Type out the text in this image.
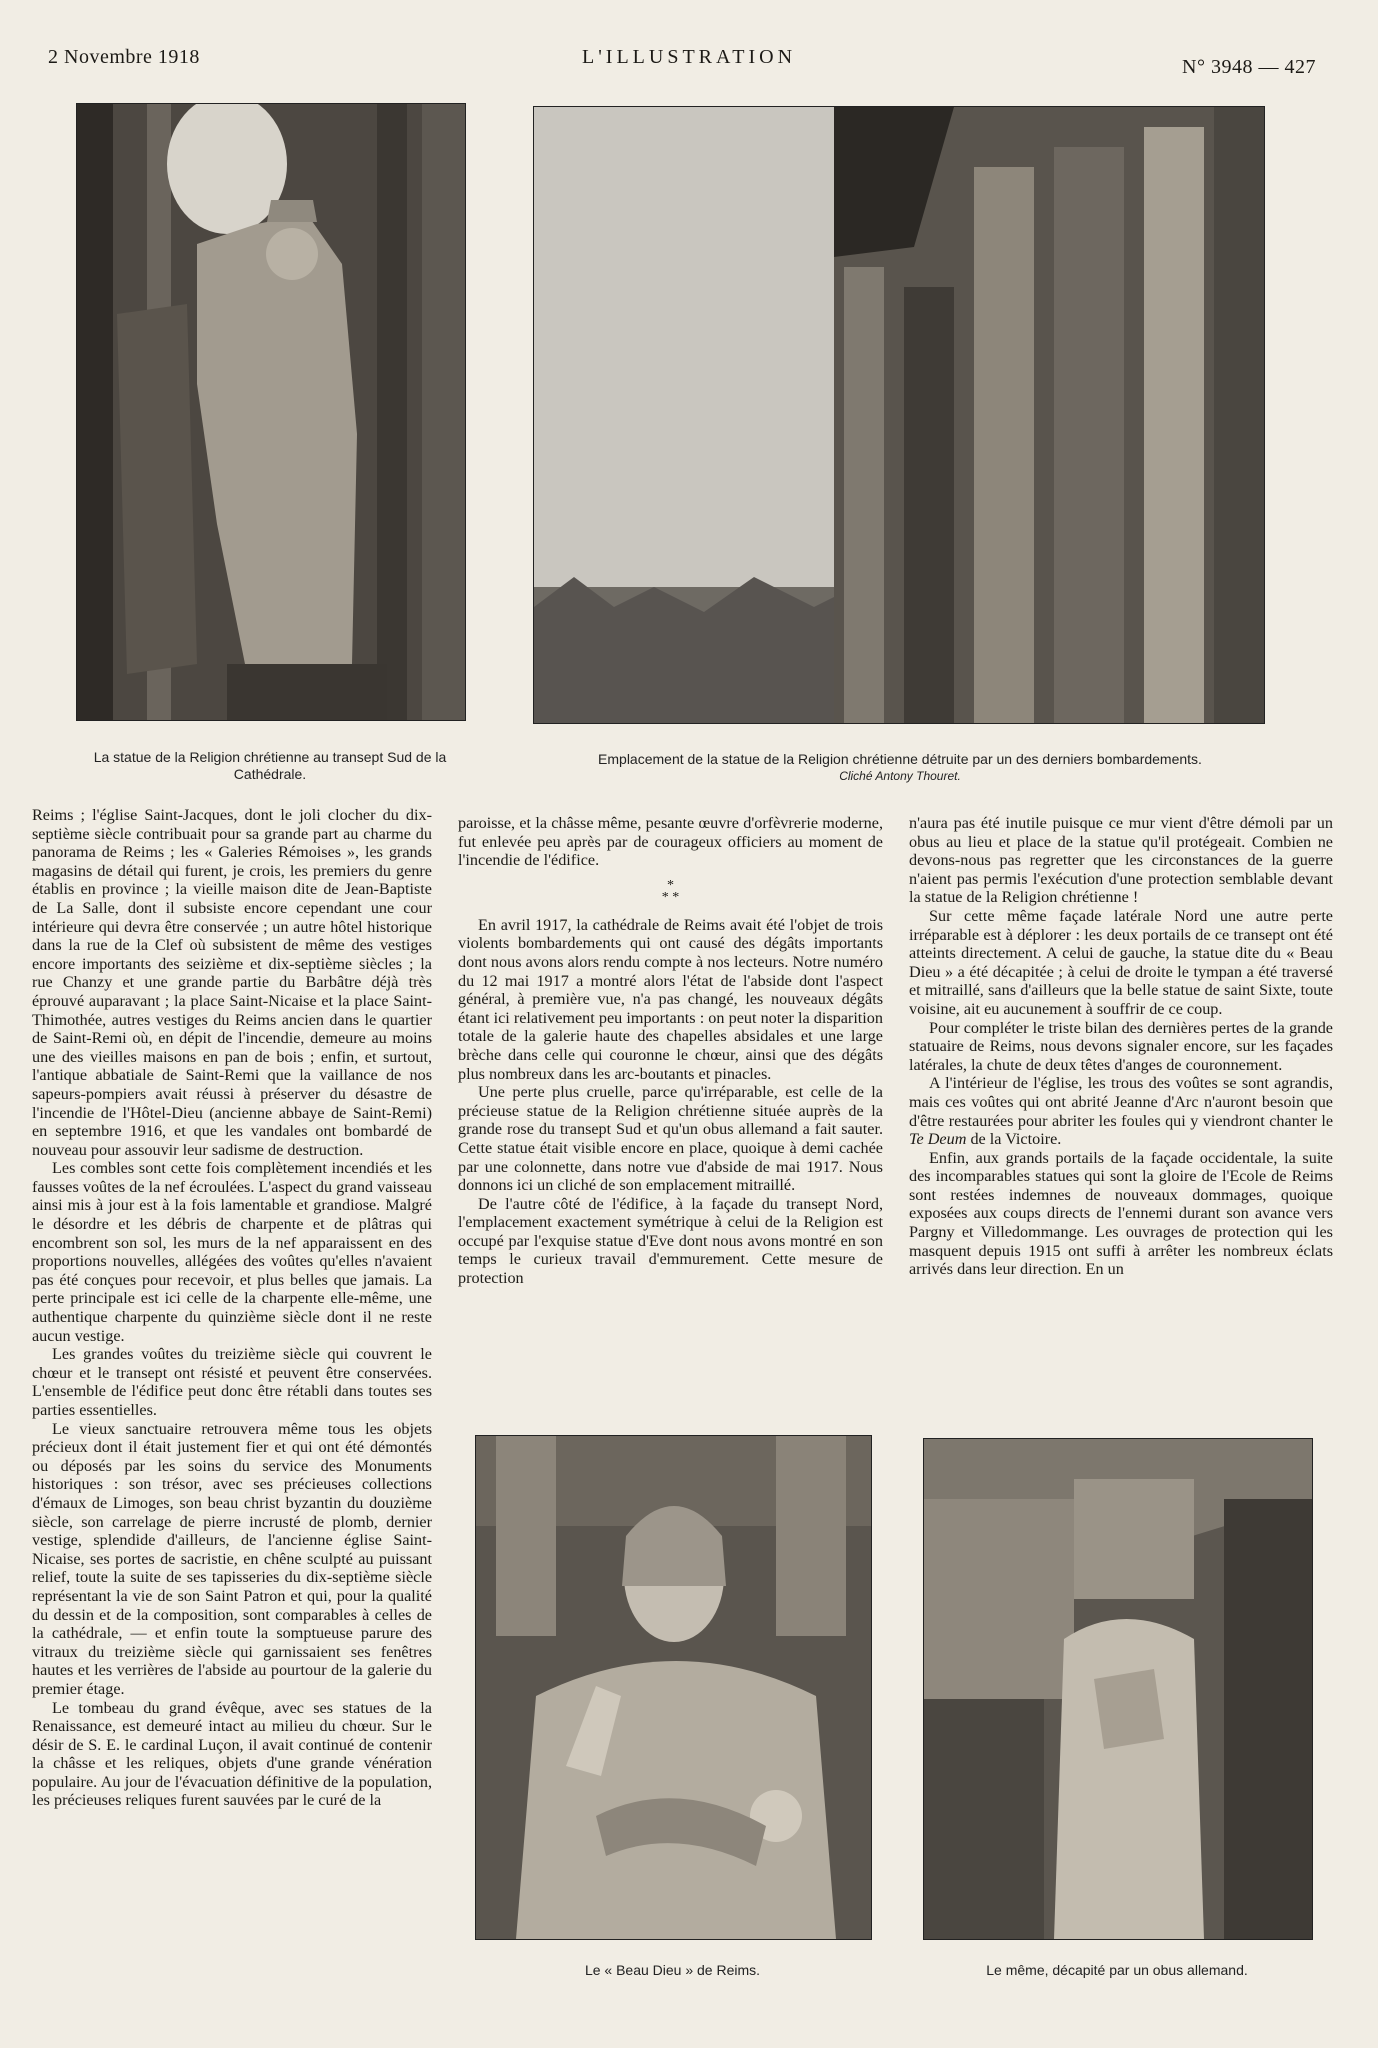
2 Novembre 1918	L'ILLUSTRATION	N° 3948 — 427
La statue de la Religion chrétienne au transept Sud de la Cathédrale.
Emplacement de la statue de la Religion chrétienne détruite par un des derniers bombardements.
Cliché Antony Thouret.

Reims ; l'église Saint-Jacques, dont le joli clocher du dix-septième siècle contribuait pour sa grande part au charme du panorama de Reims ; les « Galeries Rémoises », les grands magasins de détail qui furent, je crois, les premiers du genre établis en province ; la vieille maison dite de Jean-Baptiste de La Salle, dont il subsiste encore cependant une cour intérieure qui devra être conservée ; un autre hôtel historique dans la rue de la Clef où subsistent de même des vestiges encore importants des seizième et dix-septième siècles ; la rue Chanzy et une grande partie du Barbâtre déjà très éprouvé auparavant ; la place Saint-Nicaise et la place Saint-Thimothée, autres vestiges du Reims ancien dans le quartier de Saint-Remi où, en dépit de l'incendie, demeure au moins une des vieilles maisons en pan de bois ; enfin, et surtout, l'antique abbatiale de Saint-Remi que la vaillance de nos sapeurs-pompiers avait réussi à préserver du désastre de l'incendie de l'Hôtel-Dieu (ancienne abbaye de Saint-Remi) en septembre 1916, et que les vandales ont bombardé de nouveau pour assouvir leur sadisme de destruction.

Les combles sont cette fois complètement incendiés et les fausses voûtes de la nef écroulées. L'aspect du grand vaisseau ainsi mis à jour est à la fois lamentable et grandiose. Malgré le désordre et les débris de charpente et de plâtras qui encombrent son sol, les murs de la nef apparaissent en des proportions nouvelles, allégées des voûtes qu'elles n'avaient pas été conçues pour recevoir, et plus belles que jamais. La perte principale est ici celle de la charpente elle-même, une authentique charpente du quinzième siècle dont il ne reste aucun vestige.

Les grandes voûtes du treizième siècle qui couvrent le chœur et le transept ont résisté et peuvent être conservées. L'ensemble de l'édifice peut donc être rétabli dans toutes ses parties essentielles.

Le vieux sanctuaire retrouvera même tous les objets précieux dont il était justement fier et qui ont été démontés ou déposés par les soins du service des Monuments historiques : son trésor, avec ses précieuses collections d'émaux de Limoges, son beau christ byzantin du douzième siècle, son carrelage de pierre incrusté de plomb, dernier vestige, splendide d'ailleurs, de l'ancienne église Saint-Nicaise, ses portes de sacristie, en chêne sculpté au puissant relief, toute la suite de ses tapisseries du dix-septième siècle représentant la vie de son Saint Patron et qui, pour la qualité du dessin et de la composition, sont comparables à celles de la cathédrale, — et enfin toute la somptueuse parure des vitraux du treizième siècle qui garnissaient ses fenêtres hautes et les verrières de l'abside au pourtour de la galerie du premier étage.

Le tombeau du grand évêque, avec ses statues de la Renaissance, est demeuré intact au milieu du chœur. Sur le désir de S. E. le cardinal Luçon, il avait continué de contenir la châsse et les reliques, objets d'une grande vénération populaire. Au jour de l'évacuation définitive de la population, les précieuses reliques furent sauvées par le curé de la

paroisse, et la châsse même, pesante œuvre d'orfèvrerie moderne, fut enlevée peu après par de courageux officiers au moment de l'incendie de l'édifice.

*
* *

En avril 1917, la cathédrale de Reims avait été l'objet de trois violents bombardements qui ont causé des dégâts importants dont nous avons alors rendu compte à nos lecteurs. Notre numéro du 12 mai 1917 a montré alors l'état de l'abside dont l'aspect général, à première vue, n'a pas changé, les nouveaux dégâts étant ici relativement peu importants : on peut noter la disparition totale de la galerie haute des chapelles absidales et une large brèche dans celle qui couronne le chœur, ainsi que des dégâts plus nombreux dans les arc-boutants et pinacles.

Une perte plus cruelle, parce qu'irréparable, est celle de la précieuse statue de la Religion chrétienne située auprès de la grande rose du transept Sud et qu'un obus allemand a fait sauter. Cette statue était visible encore en place, quoique à demi cachée par une colonnette, dans notre vue d'abside de mai 1917. Nous donnons ici un cliché de son emplacement mitraillé.

De l'autre côté de l'édifice, à la façade du transept Nord, l'emplacement exactement symétrique à celui de la Religion est occupé par l'exquise statue d'Eve dont nous avons montré en son temps le curieux travail d'emmurement. Cette mesure de protection

n'aura pas été inutile puisque ce mur vient d'être démoli par un obus au lieu et place de la statue qu'il protégeait. Combien ne devons-nous pas regretter que les circonstances de la guerre n'aient pas permis l'exécution d'une protection semblable devant la statue de la Religion chrétienne !

Sur cette même façade latérale Nord une autre perte irréparable est à déplorer : les deux portails de ce transept ont été atteints directement. A celui de gauche, la statue dite du « Beau Dieu » a été décapitée ; à celui de droite le tympan a été traversé et mitraillé, sans d'ailleurs que la belle statue de saint Sixte, toute voisine, ait eu aucunement à souffrir de ce coup.

Pour compléter le triste bilan des dernières pertes de la grande statuaire de Reims, nous devons signaler encore, sur les façades latérales, la chute de deux têtes d'anges de couronnement.

A l'intérieur de l'église, les trous des voûtes se sont agrandis, mais ces voûtes qui ont abrité Jeanne d'Arc n'auront besoin que d'être restaurées pour abriter les foules qui y viendront chanter le Te Deum de la Victoire.

Enfin, aux grands portails de la façade occidentale, la suite des incomparables statues qui sont la gloire de l'Ecole de Reims sont restées indemnes de nouveaux dommages, quoique exposées aux coups directs de l'ennemi durant son avance vers Pargny et Villedommange. Les ouvrages de protection qui les masquent depuis 1915 ont suffi à arrêter les nombreux éclats arrivés dans leur direction. En un

Le « Beau Dieu » de Reims.	Le même, décapité par un obus allemand.
